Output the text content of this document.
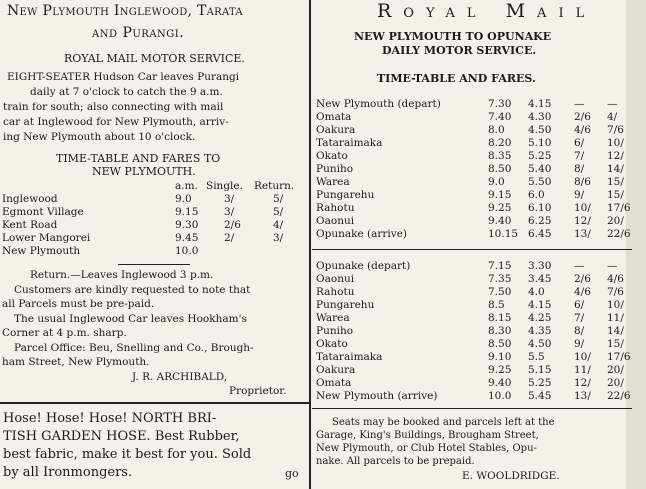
New Plymouth Inglewood, Tarata
and Purangi.
ROYAL MAIL MOTOR SERVICE.
EIGHT-SEATER Hudson Car leaves Purangi
daily at 7 o'clock to catch the 9 a.m.
train for south; also connecting with mail
car at Inglewood for New Plymouth, arriv-
ing New Plymouth about 10 o'clock.
TIME-TABLE AND FARES TO
NEW PLYMOUTH.
a.m. Single. Return.
Inglewood	9.0	3/	5/
Egmont Village	9.15 3/	5/
Kent Road	9.30 2/6	4/
Lower Mangorei	9.45 2/	3/
New Plymouth	10.0
Return.—Leaves Inglewood 3 p.m.
Customers are kindly requested to note that
all Parcels must be pre-paid.
The usual Inglewood Car leaves Hookham's
Corner at 4 p.m. sharp.
Parcel Office: Beu, Snelling and Co., Brough-
ham Street, New Plymouth.
J. R. ARCHIBALD,
Proprietor.
Hose! Hose! Hose! NORTH BRI-
TISH GARDEN HOSE. Best Rubber,
best fabric, make it best for you. Sold
by all Ironmongers.	go
Royal Mail
NEW PLYMOUTH TO OPUNAKE
DAILY MOTOR SERVICE.
TIME-TABLE AND FARES.
New Plymouth (depart)	7.30 4.15 — —
Omata	7.40 4.30 2/6 4/
Oakura	8.0 4.50 4/6 7/6
Tataraimaka	8.20 5.10 6/ 10/
Okato	8.35 5.25 7/ 12/
Puniho	8.50 5.40 8/ 14/
Warea	9.0 5.50 8/6 15/
Pungarehu	9.15 6.0	9/ 15/
Rahotu	9.25 6.10 10/ 17/6
Oaonui	9.40 6.25 12/ 20/
Opunake (arrive)	10.15 6.45 13/ 22/6
Opunake (depart)	7.15 3.30 — —
Oaonui	7.35 3.45 2/6 4/6
Rahotu	7.50 4.0	4/6 7/6
Pungarehu	8.5 4.15 6/ 10/
Warea	8.15 4.25 7/ 11/
Puniho	8.30 4.35 8/ 14/
Okato	8.50 4.50 9/ 15/
Tataraimaka	9.10 5.5	10/ 17/6
Oakura	9.25 5.15 11/ 20/
Omata	9.40 5.25 12/ 20/
New Plymouth (arrive)	10.0 5.45 13/ 22/6
Seats may be booked and parcels left at the
Garage, King's Buildings, Brougham Street,
New Plymouth, or Club Hotel Stables, Opu-
nake. All parcels to be prepaid.
E. WOOLDRIDGE.
